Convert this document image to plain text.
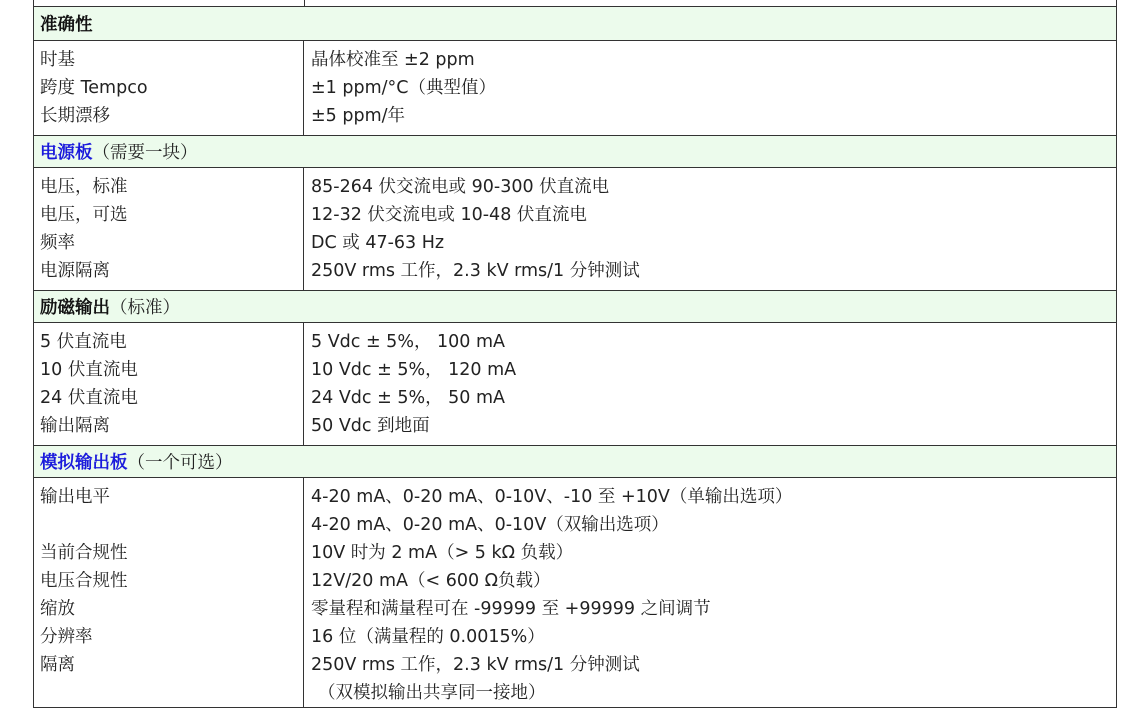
准确性
时基
跨度 Tempco
长期漂移
晶体校准至 ±2 ppm
±1 ppm/°C（典型值）
±5 ppm/年
电源板 （需要一块）
电压，标准
电压，可选
频率
电源隔离
85-264 伏交流电或 90-300 伏直流电
12-32 伏交流电或 10-48 伏直流电
DC 或 47-63 Hz
250V rms 工作，2.3 kV rms/1 分钟测试
励磁输出 （标准）
5 伏直流电
10 伏直流电
24 伏直流电
输出隔离
5 Vdc ± 5%， 100 mA
10 Vdc ± 5%， 120 mA
24 Vdc ± 5%， 50 mA
50 Vdc 到地面
模拟输出板 （一个可选）
输出电平
当前合规性
电压合规性
缩放
分辨率
隔离
4-20 mA、0-20 mA、0-10V、-10 至 +10V（单输出选项）
4-20 mA、0-20 mA、0-10V（双输出选项）
10V 时为 2 mA（> 5 kΩ 负载）
12V/20 mA（< 600 Ω负载）
零量程和满量程可在 -99999 至 +99999 之间调节
16 位（满量程的 0.0015%）
250V rms 工作，2.3 kV rms/1 分钟测试
（双模拟输出共享同一接地）
